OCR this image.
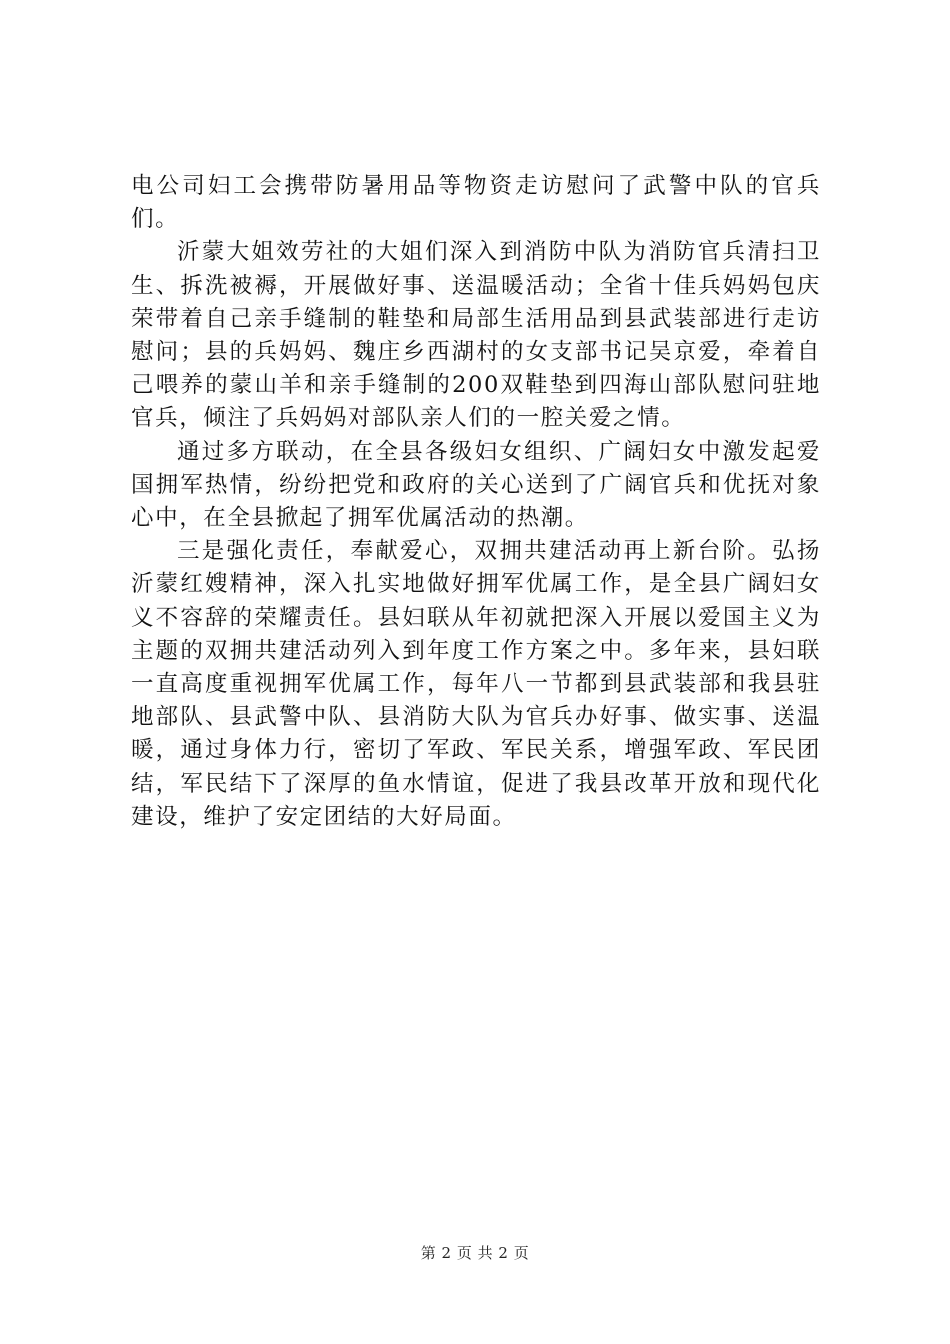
电公司妇工会携带防暑用品等物资走访慰问了武警中队的官兵们。

沂蒙大姐效劳社的大姐们深入到消防中队为消防官兵清扫卫生、拆洗被褥，开展做好事、送温暖活动；全省十佳兵妈妈包庆荣带着自己亲手缝制的鞋垫和局部生活用品到县武装部进行走访慰问；县的兵妈妈、魏庄乡西湖村的女支部书记吴京爱，牵着自己喂养的蒙山羊和亲手缝制的200双鞋垫到四海山部队慰问驻地官兵，倾注了兵妈妈对部队亲人们的一腔关爱之情。

通过多方联动，在全县各级妇女组织、广阔妇女中激发起爱国拥军热情，纷纷把党和政府的关心送到了广阔官兵和优抚对象心中，在全县掀起了拥军优属活动的热潮。

三是强化责任，奉献爱心，双拥共建活动再上新台阶。弘扬沂蒙红嫂精神，深入扎实地做好拥军优属工作，是全县广阔妇女义不容辞的荣耀责任。县妇联从年初就把深入开展以爱国主义为主题的双拥共建活动列入到年度工作方案之中。多年来，县妇联一直高度重视拥军优属工作，每年八一节都到县武装部和我县驻地部队、县武警中队、县消防大队为官兵办好事、做实事、送温暖，通过身体力行，密切了军政、军民关系，增强军政、军民团结，军民结下了深厚的鱼水情谊，促进了我县改革开放和现代化建设，维护了安定团结的大好局面。

第 2 页 共 2 页
